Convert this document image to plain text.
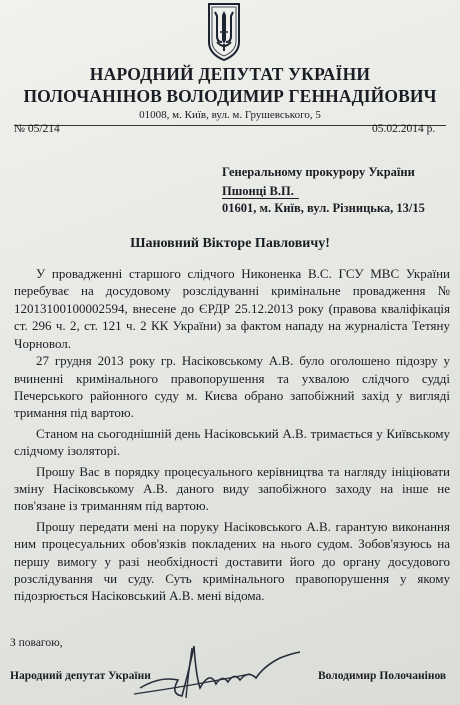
НАРОДНИЙ ДЕПУТАТ УКРАЇНИ
ПОЛОЧАНІНОВ ВОЛОДИМИР ГЕННАДІЙОВИЧ
01008, м. Київ, вул. м. Грушевського, 5
№ 05/214	05.02.2014 р.
Генеральному прокурору України
Пшонці В.П.
01601, м. Київ, вул. Різницька, 13/15
Шановний Вікторе Павловичу!

У провадженні старшого слідчого Никоненка В.С. ГСУ МВС України перебуває на досудовому розслідуванні кримінальне провадження № 12013100100002594, внесене до ЄРДР 25.12.2013 року (правова кваліфікація ст. 296 ч. 2, ст. 121 ч. 2 КК України) за фактом нападу на журналіста Тетяну Чорновол.

27 грудня 2013 року гр. Насіковському А.В. було оголошено підозру у вчиненні кримінального правопорушення та ухвалою слідчого судді Печерського районного суду м. Києва обрано запобіжний захід у вигляді тримання під вартою.

Станом на сьогоднішній день Насіковський А.В. тримається у Київському слідчому ізоляторі.

Прошу Вас в порядку процесуального керівництва та нагляду ініціювати зміну Насіковському А.В. даного виду запобіжного заходу на інше не пов'язане із триманням під вартою.

Прошу передати мені на поруку Насіковського А.В. гарантую виконання ним процесуальних обов'язків покладених на нього судом. Зобов'язуюсь на першу вимогу у разі необхідності доставити його до органу досудового розслідування чи суду. Суть кримінального правопорушення у якому підозрюється Насіковський А.В. мені відома.

З повагою,
Народний депутат України	Володимир Полочанінов
